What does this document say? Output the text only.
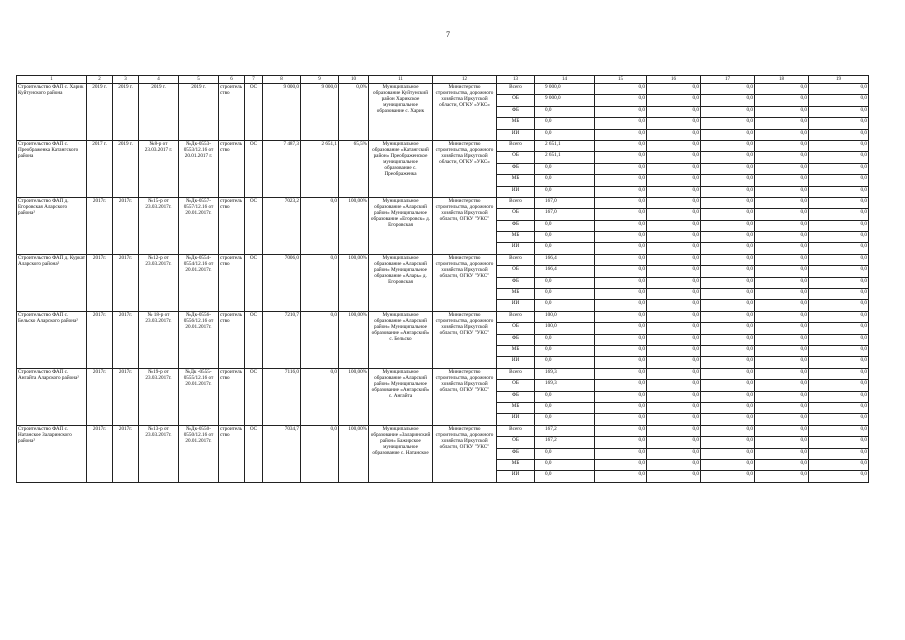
7
1	2	3	4	5	6	7	8	9	10	11	12	13	14	15	16	17	18	19
Строительство ФАП с. Харик Куйтунского района	2019 г.	2019 г.	2019 г.	2019 г.	строительство	ОС	9 000,0	9 000,0	0,0%	Муниципальное образование Куйтунский район Харикское муниципальное образование с. Харик	Министерство строительства, дорожного хозяйства Иркутской области, ОГКУ «УКС»	Всего	9 000,0	0,0	0,0	0,0	0,0	0,0
												ОБ	9 000,0	0,0	0,0	0,0	0,0	0,0
												ФБ	0,0	0,0	0,0	0,0	0,0	0,0
												МБ	0,0	0,0	0,0	0,0	0,0	0,0
												ИИ	0,0	0,0	0,0	0,0	0,0	0,0
Строительство ФАП с. Преображенка Катангского района	2017 г.	2019 г.	№8-р от 23.03.2017 г.	№Дк-0553-0553/12.16 от 20.01.2017 г.	строительство	ОС	7 487,3	2 651,1	65,5%	Муниципальное образование «Катангский район» Преображенское муниципальное образование с. Преображенка	Министерство строительства, дорожного хозяйства Иркутской области, ОГКУ «УКС»	Всего	2 651,1	0,0	0,0	0,0	0,0	0,0
												ОБ	2 651,1	0,0	0,0	0,0	0,0	0,0
												ФБ	0,0	0,0	0,0	0,0	0,0	0,0
												МБ	0,0	0,0	0,0	0,0	0,0	0,0
												ИИ	0,0	0,0	0,0	0,0	0,0	0,0
Строительство ФАП д. Егоровская Аларского района²	2017г.	2017г.	№15-р от 23.03.2017г.	№Дк-0557-0557/12.16 от 20.01.2017г.	строительство	ОС	7023,2	0,0	100,00%	Муниципальное образование «Аларский район» Муниципальное образование «Егоровск» д. Егоровская	Министерство строительства, дорожного хозяйства Иркутской области, ОГКУ "УКС"	Всего	167,0	0,0	0,0	0,0	0,0	0,0
												ОБ	167,0	0,0	0,0	0,0	0,0	0,0
												ФБ	0,0	0,0	0,0	0,0	0,0	0,0
												МБ	0,0	0,0	0,0	0,0	0,0	0,0
												ИИ	0,0	0,0	0,0	0,0	0,0	0,0
Строительство ФАП д. Куркат Аларского района²	2017г.	2017г.	№12-р от 23.03.2017г.	№Дк-0554-0554/12.16 от 20.01.2017г.	строительство	ОС	7006,0	0,0	100,00%	Муниципальное образование «Аларский район» Муниципальное образование «Аларь» д. Егоровская	Министерство строительства, дорожного хозяйства Иркутской области, ОГКУ "УКС"	Всего	166,4	0,0	0,0	0,0	0,0	0,0
												ОБ	166,4	0,0	0,0	0,0	0,0	0,0
												ФБ	0,0	0,0	0,0	0,0	0,0	0,0
												МБ	0,0	0,0	0,0	0,0	0,0	0,0
												ИИ	0,0	0,0	0,0	0,0	0,0	0,0
Строительство ФАП с. Бельско Аларского района²	2017г.	2017г.	№ 18-р от 23.03.2017г.	№Дк-0556-0556/12.16 от 20.01.2017г.	строительство	ОС	7210,7	0,0	100,00%	Муниципальное образование «Аларский район» Муниципальное образование «Ангарский» с. Бельско	Министерство строительства, дорожного хозяйства Иркутской области, ОГКУ "УКС"	Всего	100,0	0,0	0,0	0,0	0,0	0,0
												ОБ	100,0	0,0	0,0	0,0	0,0	0,0
												ФБ	0,0	0,0	0,0	0,0	0,0	0,0
												МБ	0,0	0,0	0,0	0,0	0,0	0,0
												ИИ	0,0	0,0	0,0	0,0	0,0	0,0
Строительство ФАП с. Ангайта Аларского района²	2017г.	2017г.	№19-р от 23.03.2017г.	№Дк -0555-0555/12.16 от 20.01.2017г.	строительство	ОС	7116,0	0,0	100,00%	Муниципальное образование «Аларский район» Муниципальное образование «Ангарский» с. Ангайта	Министерство строительства, дорожного хозяйства Иркутской области, ОГКУ "УКС"	Всего	169,3	0,0	0,0	0,0	0,0	0,0
												ОБ	169,3	0,0	0,0	0,0	0,0	0,0
												ФБ	0,0	0,0	0,0	0,0	0,0	0,0
												МБ	0,0	0,0	0,0	0,0	0,0	0,0
												ИИ	0,0	0,0	0,0	0,0	0,0	0,0
Строительство ФАП с. Натанское Заларинского района²	2017г.	2017г.	№13-р от 23.03.2017г.	№Дк-0550-0550/12.16 от 20.01.2017г.	строительство	ОС	7034,7	0,0	100,00%	Муниципальное образование «Заларинский район» Бажирское муниципальное образование с. Натанское	Министерство строительства, дорожного хозяйства Иркутской области, ОГКУ "УКС"	Всего	167,2	0,0	0,0	0,0	0,0	0,0
												ОБ	167,2	0,0	0,0	0,0	0,0	0,0
												ФБ	0,0	0,0	0,0	0,0	0,0	0,0
												МБ	0,0	0,0	0,0	0,0	0,0	0,0
												ИИ	0,0	0,0	0,0	0,0	0,0	0,0
